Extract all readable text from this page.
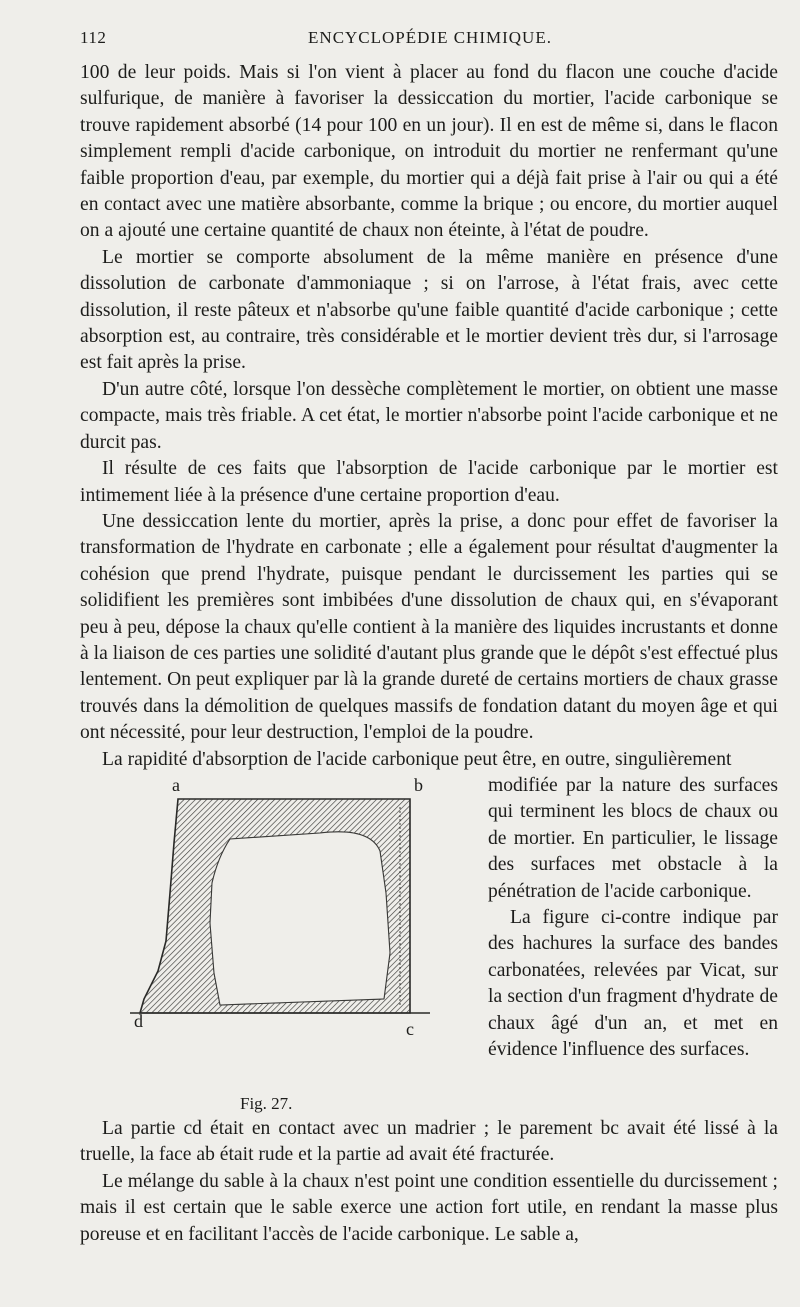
112	ENCYCLOPÉDIE CHIMIQUE.

100 de leur poids. Mais si l'on vient à placer au fond du flacon une couche d'acide sulfurique, de manière à favoriser la dessiccation du mortier, l'acide carbonique se trouve rapidement absorbé (14 pour 100 en un jour). Il en est de même si, dans le flacon simplement rempli d'acide carbonique, on introduit du mortier ne renfermant qu'une faible proportion d'eau, par exemple, du mortier qui a déjà fait prise à l'air ou qui a été en contact avec une matière absorbante, comme la brique ; ou encore, du mortier auquel on a ajouté une certaine quantité de chaux non éteinte, à l'état de poudre.

Le mortier se comporte absolument de la même manière en présence d'une dissolution de carbonate d'ammoniaque ; si on l'arrose, à l'état frais, avec cette dissolution, il reste pâteux et n'absorbe qu'une faible quantité d'acide carbonique ; cette absorption est, au contraire, très considérable et le mortier devient très dur, si l'arrosage est fait après la prise.

D'un autre côté, lorsque l'on dessèche complètement le mortier, on obtient une masse compacte, mais très friable. A cet état, le mortier n'absorbe point l'acide carbonique et ne durcit pas.

Il résulte de ces faits que l'absorption de l'acide carbonique par le mortier est intimement liée à la présence d'une certaine proportion d'eau.

Une dessiccation lente du mortier, après la prise, a donc pour effet de favoriser la transformation de l'hydrate en carbonate ; elle a également pour résultat d'augmenter la cohésion que prend l'hydrate, puisque pendant le durcissement les parties qui se solidifient les premières sont imbibées d'une dissolution de chaux qui, en s'évaporant peu à peu, dépose la chaux qu'elle contient à la manière des liquides incrustants et donne à la liaison de ces parties une solidité d'autant plus grande que le dépôt s'est effectué plus lentement. On peut expliquer par là la grande dureté de certains mortiers de chaux grasse trouvés dans la démolition de quelques massifs de fondation datant du moyen âge et qui ont nécessité, pour leur destruction, l'emploi de la poudre.

La rapidité d'absorption de l'acide carbonique peut être, en outre, singulièrement

a	b
c
d
Fig. 27.

modifiée par la nature des surfaces qui terminent les blocs de chaux ou de mortier. En particulier, le lissage des surfaces met obstacle à la pénétration de l'acide carbonique.

La figure ci-contre indique par des hachures la surface des bandes carbonatées, relevées par Vicat, sur la section d'un fragment d'hydrate de chaux âgé d'un an, et met en évidence l'influence des surfaces.

La partie cd était en contact avec un madrier ; le parement bc avait été lissé à la truelle, la face ab était rude et la partie ad avait été fracturée.

Le mélange du sable à la chaux n'est point une condition essentielle du durcissement ; mais il est certain que le sable exerce une action fort utile, en rendant la masse plus poreuse et en facilitant l'accès de l'acide carbonique. Le sable a,
